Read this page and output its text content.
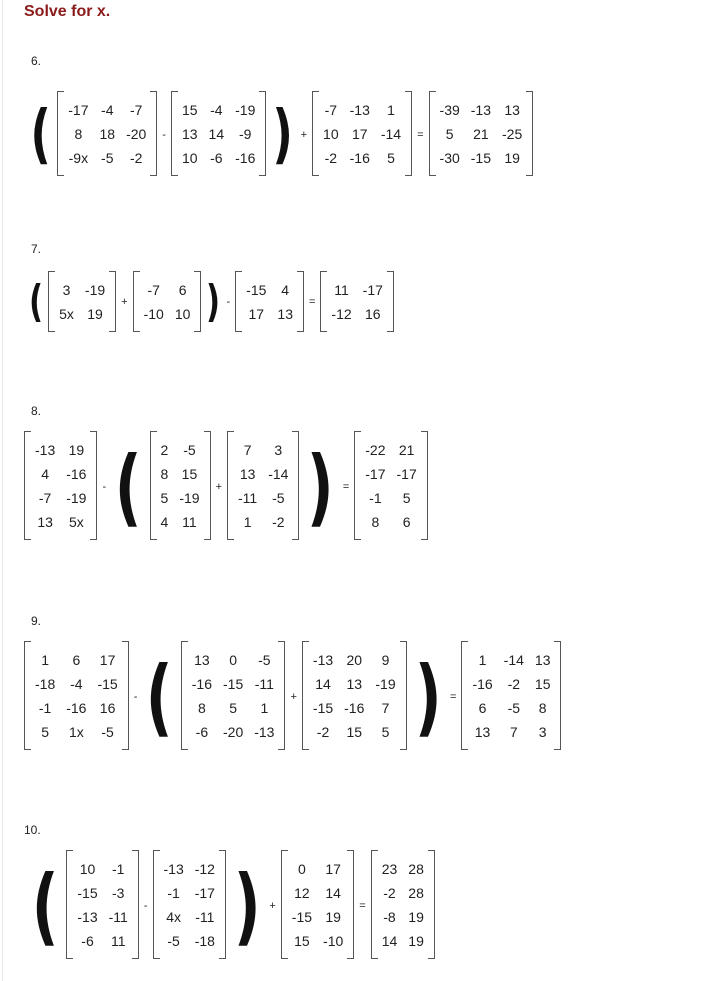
Solve for x.
6.
( -17 -4 -7
8	18 -20
-9x -5 -2
-
15 -4 -19
13 14 -9
10 -6 -16 ) +
-7 -13	1
10 17 -14
-2 -16	5
=
-39 -13 13
5	21 -25
-30 -15 19
7.
( 3 -19
5x 19
+
-7 6
-10 10 ) -
-15 4
17 13
=
11 -17
-12 16
8.
-13 19
4	-16
-7 -19
13 5x
- ( 2 -5
8 15
5 -19
4 11
+
7	3
13 -14
-11 -5
1	-2 ) =
-22 21
-17 -17
-1	5
8	6
9.
1	6	17
-18 -4 -15
-1 -16 16
5	1x -5
- ( 13	0	-5
-16 -15 -11
8	5	1
-6 -20 -13
+
-13 20	9
14 13 -19
-15 -16	7
-2 15	5 ) =
1	-14 13
-16 -2 15
6	-5 8
13	7	3
10.
( 10 -1
-15 -3
-13 -11
-6 11
-
-13 -12
-1 -17
4x -11
-5 -18 ) +
0	17
12 14
-15 19
15 -10
=
23 28
-2 28
-8 19
14 19
